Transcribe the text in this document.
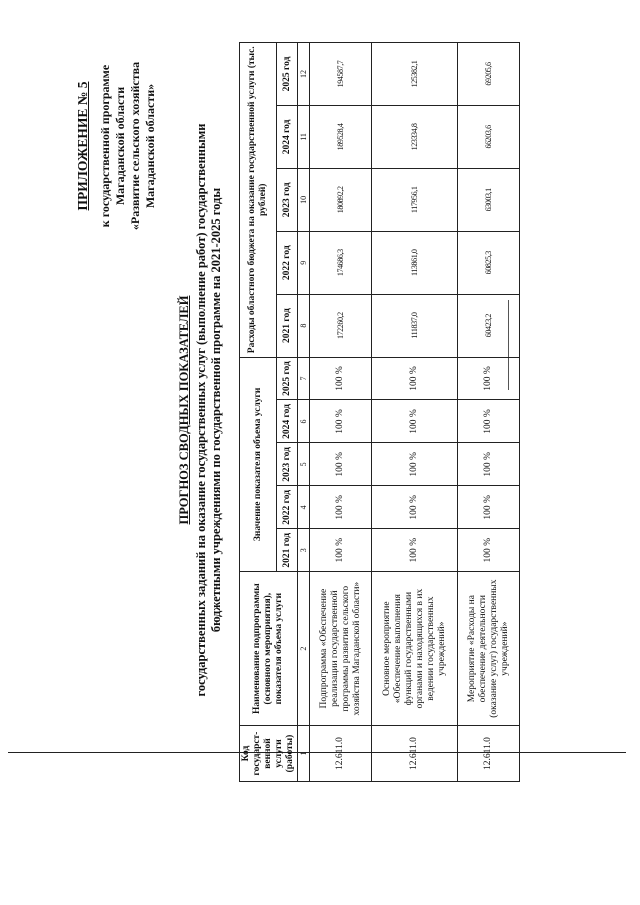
ПРИЛОЖЕНИЕ № 5 к государственной программе Магаданской области «Развитие сельского хозяйства Магаданской области»
ПРОГНОЗ СВОДНЫХ ПОКАЗАТЕЛЕЙ государственных заданий на оказание государственных услуг (выполнение работ) государственными бюджетными учреждениями по государственной программе на 2021-2025 годы
Код государст-венной услуги (работы)	Наименование подпрограммы (основного мероприятия), показателя объема услуги	Значение показателя объема услуги					Расходы областного бюджета на оказание государственной услуги (тыс. рублей)				
		2021 год	2022 год	2023 год	2024 год	2025 год	2021 год	2022 год	2023 год	2024 год	2025 год
1	2	3	4	5	6	7	8	9	10	11	12
12.611.0	Подпрограмма «Обеспечение реализации государственной программы развития сельского хозяйства Магаданской области»	100 %	100 %	100 %	100 %	100 %	172260,2	174686,3	180892,2	189528,4	194587,7
12.611.0	Основное мероприятие «Обеспечение выполнения функций государственными органами и находящихся в их ведении государственных учреждений»	100 %	100 %	100 %	100 %	100 %	111837,0	113861,0	117956,1	123334,8	125382,1
12.611.0	Мероприятие «Расходы на обеспечение деятельности (оказание услуг) государственных учреждений»	100 %	100 %	100 %	100 %	100 %	60423,2	60825,3	63003,1	66203,6	69205,6
